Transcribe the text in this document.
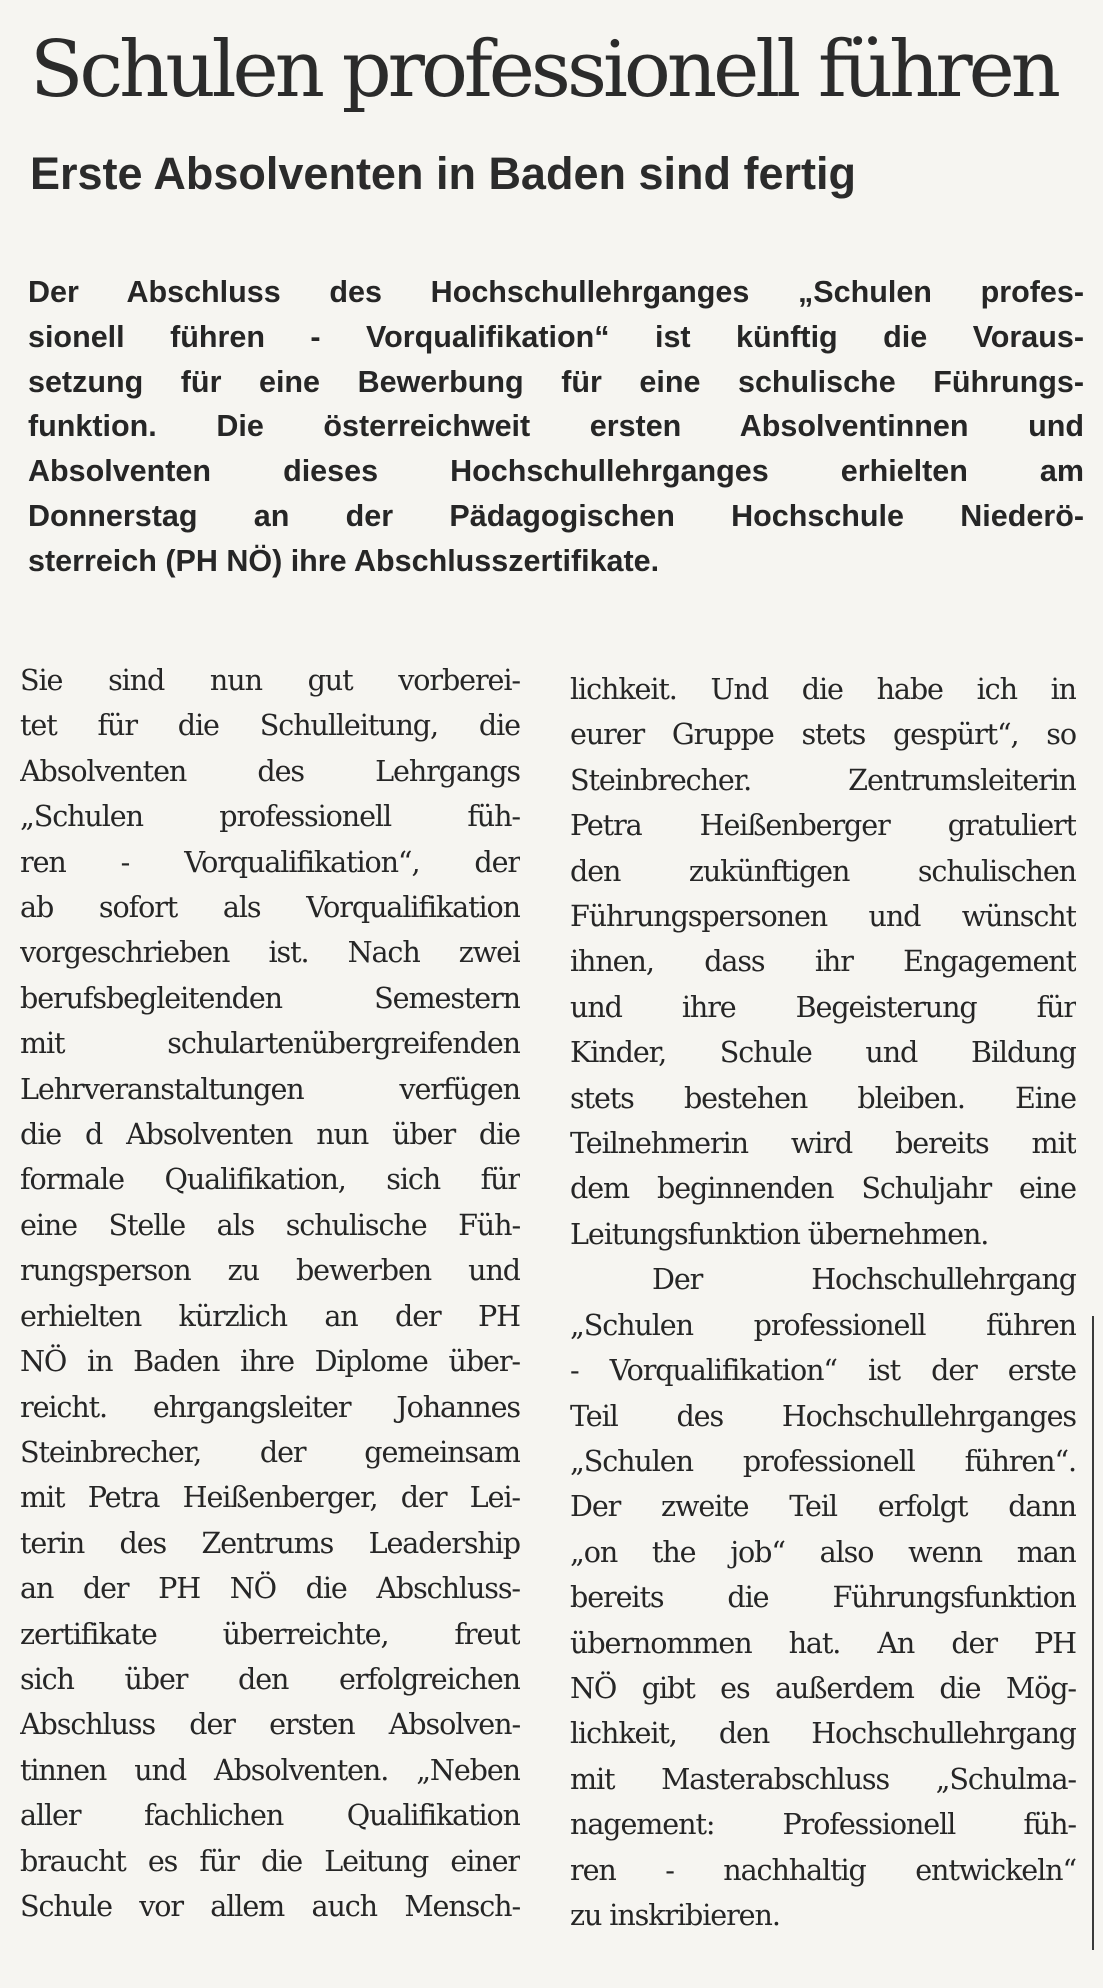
Schulen professionell führen
Erste Absolventen in Baden sind fertig

Der Abschluss des Hochschullehrganges „Schulen profes-
sionell führen - Vorqualifikation“ ist künftig die Voraus-
setzung für eine Bewerbung für eine schulische Führungs-
funktion. Die österreichweit ersten Absolventinnen und
Absolventen dieses Hochschullehrganges erhielten am
Donnerstag an der Pädagogischen Hochschule Niederö-
sterreich (PH NÖ) ihre Abschlusszertifikate.

Sie sind nun gut vorberei-
tet für die Schulleitung, die
Absolventen des Lehrgangs
„Schulen professionell füh-
ren - Vorqualifikation“, der
ab sofort als Vorqualifikation
vorgeschrieben ist. Nach zwei
berufsbegleitenden Semestern
mit schulartenübergreifenden
Lehrveranstaltungen verfügen
die d Absolventen nun über die
formale Qualifikation, sich für
eine Stelle als schulische Füh-
rungsperson zu bewerben und
erhielten kürzlich an der PH
NÖ in Baden ihre Diplome über-
reicht. ehrgangsleiter Johannes
Steinbrecher, der gemeinsam
mit Petra Heißenberger, der Lei-
terin des Zentrums Leadership
an der PH NÖ die Abschluss-
zertifikate überreichte, freut
sich über den erfolgreichen
Abschluss der ersten Absolven-
tinnen und Absolventen. „Neben
aller fachlichen Qualifikation
braucht es für die Leitung einer
Schule vor allem auch Mensch-
lichkeit. Und die habe ich in
eurer Gruppe stets gespürt“, so
Steinbrecher. Zentrumsleiterin
Petra Heißenberger gratuliert
den zukünftigen schulischen
Führungspersonen und wünscht
ihnen, dass ihr Engagement
und ihre Begeisterung für
Kinder, Schule und Bildung
stets bestehen bleiben. Eine
Teilnehmerin wird bereits mit
dem beginnenden Schuljahr eine
Leitungsfunktion übernehmen.
Der Hochschullehrgang
„Schulen professionell führen
- Vorqualifikation“ ist der erste
Teil des Hochschullehrganges
„Schulen professionell führen“.
Der zweite Teil erfolgt dann
„on the job“ also wenn man
bereits die Führungsfunktion
übernommen hat. An der PH
NÖ gibt es außerdem die Mög-
lichkeit, den Hochschullehrgang
mit Masterabschluss „Schulma-
nagement: Professionell füh-
ren - nachhaltig entwickeln“
zu inskribieren.
